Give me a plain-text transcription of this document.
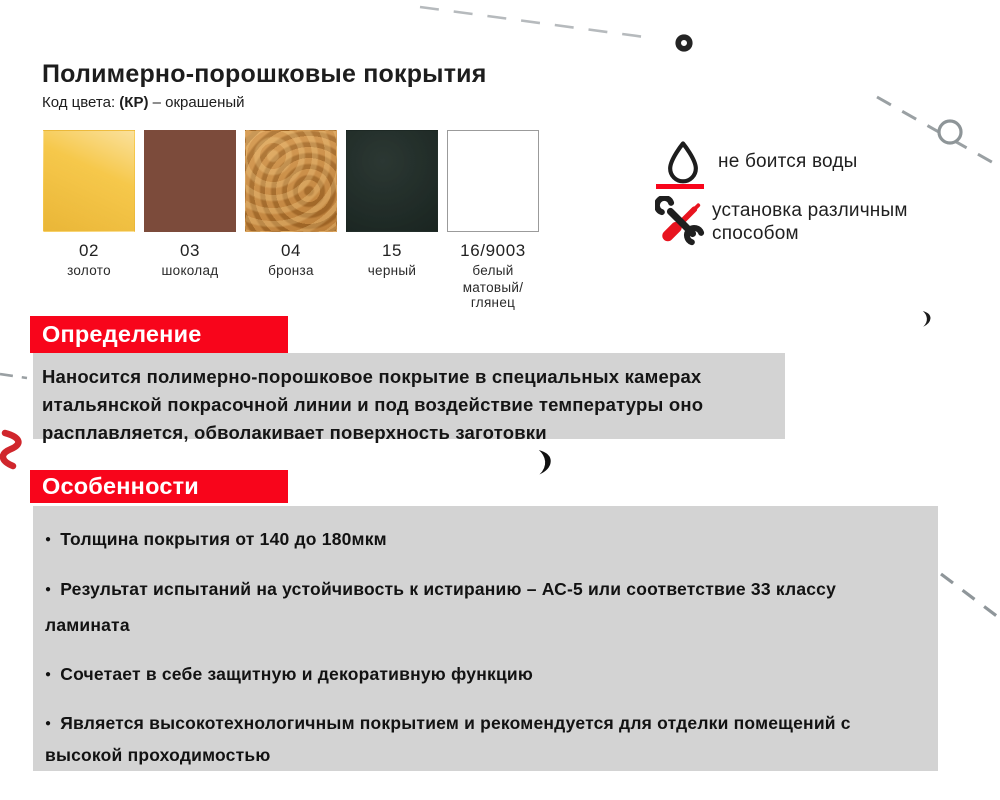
Полимерно-порошковые покрытия

Код цвета: (КР) – окрашеный

02
золото
03
шоколад
04
бронза
15
черный
16/9003
белый
матовый/глянец
не боится воды
установка различным способом
Определение
Наносится полимерно-порошковое покрытие в специальных камерах итальянской покрасочной линии и под воздействие температуры оно расплавляется, обволакивает поверхность заготовки
Особенности
● Толщина покрытия от 140 до 180мкм
● Результат испытаний на устойчивость к истиранию – АС-5 или соответствие 33 классу ламината
● Сочетает в себе защитную и декоративную функцию
● Является высокотехнологичным покрытием и рекомендуется для отделки помещений с высокой проходимостью
